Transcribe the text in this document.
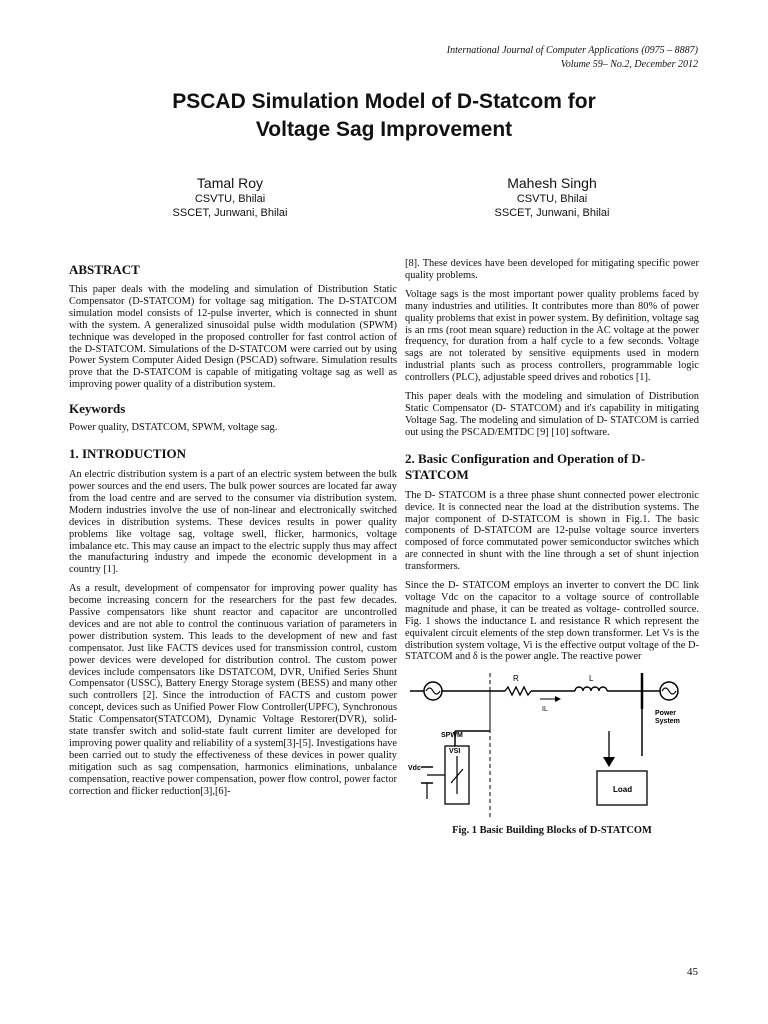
International Journal of Computer Applications (0975 – 8887)
Volume 59– No.2, December 2012
PSCAD Simulation Model of D-Statcom for
Voltage Sag Improvement
Tamal Roy
CSVTU, Bhilai
SSCET, Junwani, Bhilai
Mahesh Singh
CSVTU, Bhilai
SSCET, Junwani, Bhilai
ABSTRACT

This paper deals with the modeling and simulation of Distribution Static Compensator (D-STATCOM) for voltage sag mitigation. The D-STATCOM simulation model consists of 12-pulse inverter, which is connected in shunt with the system. A generalized sinusoidal pulse width modulation (SPWM) technique was developed in the proposed controller for fast control action of the D-STATCOM. Simulations of the D-STATCOM were carried out by using Power System Computer Aided Design (PSCAD) software. Simulation results prove that the D-STATCOM is capable of mitigating voltage sag as well as improving power quality of a distribution system.

Keywords

Power quality, DSTATCOM, SPWM, voltage sag.

1. INTRODUCTION

An electric distribution system is a part of an electric system between the bulk power sources and the end users. The bulk power sources are located far away from the load centre and are served to the consumer via distribution system. Modern industries involve the use of non-linear and electronically switched devices in distribution systems. These devices results in power quality problems like voltage sag, voltage swell, flicker, harmonics, voltage imbalance etc. This may cause an impact to the electric supply thus may affect the manufacturing industry and impede the economic development in a country [1].

As a result, development of compensator for improving power quality has become increasing concern for the researchers for the past few decades. Passive compensators like shunt reactor and capacitor are uncontrolled devices and are not able to control the continuous variation of parameters in power distribution system. This leads to the development of new and fast compensator. Just like FACTS devices used for transmission control, custom power devices were developed for distribution control. The custom power devices include compensators like DSTATCOM, DVR, Unified Series Shunt Compensator (USSC), Battery Energy Storage system (BESS) and many other such controllers [2]. Since the introduction of FACTS and custom power concept, devices such as Unified Power Flow Controller(UPFC), Synchronous Static Compensator(STATCOM), Dynamic Voltage Restorer(DVR), solid-state transfer switch and solid-state fault current limiter are developed for improving power quality and reliability of a system[3]-[5]. Investigations have been carried out to study the effectiveness of these devices in power quality mitigation such as sag compensation, harmonics eliminations, unbalance compensation, reactive power compensation, power flow control, power factor correction and flicker reduction[3],[6]-

[8]. These devices have been developed for mitigating specific power quality problems.

Voltage sags is the most important power quality problems faced by many industries and utilities. It contributes more than 80% of power quality problems that exist in power system. By definition, voltage sag is an rms (root mean square) reduction in the AC voltage at the power frequency, for duration from a half cycle to a few seconds. Voltage sags are not tolerated by sensitive equipments used in modern industrial plants such as process controllers, programmable logic controllers (PLC), adjustable speed drives and robotics [1].

This paper deals with the modeling and simulation of Distribution Static Compensator (D- STATCOM) and it's capability in mitigating Voltage Sag. The modeling and simulation of D- STATCOM is carried out using the PSCAD/EMTDC [9] [10] software.

2. Basic Configuration and Operation of D-STATCOM

The D- STATCOM is a three phase shunt connected power electronic device. It is connected near the load at the distribution systems. The major component of D-STATCOM is shown in Fig.1. The basic components of D-STATCOM are 12-pulse voltage source inverters composed of force commutated power semiconductor switches which are connected in shunt with the line through a set of shunt injection transformers.

Since the D- STATCOM employs an inverter to convert the DC link voltage Vdc on the capacitor to a voltage source of controllable magnitude and phase, it can be treated as voltage- controlled source. Fig. 1 shows the inductance L and resistance R which represent the equivalent circuit elements of the step down transformer. Let Vs is the distribution system voltage, Vi is the effective output voltage of the D-STATCOM and δ is the power angle. The reactive power

R	L
IL
SPWM
VSI
Vdc
Power
System
Load
Fig. 1 Basic Building Blocks of D-STATCOM
45
